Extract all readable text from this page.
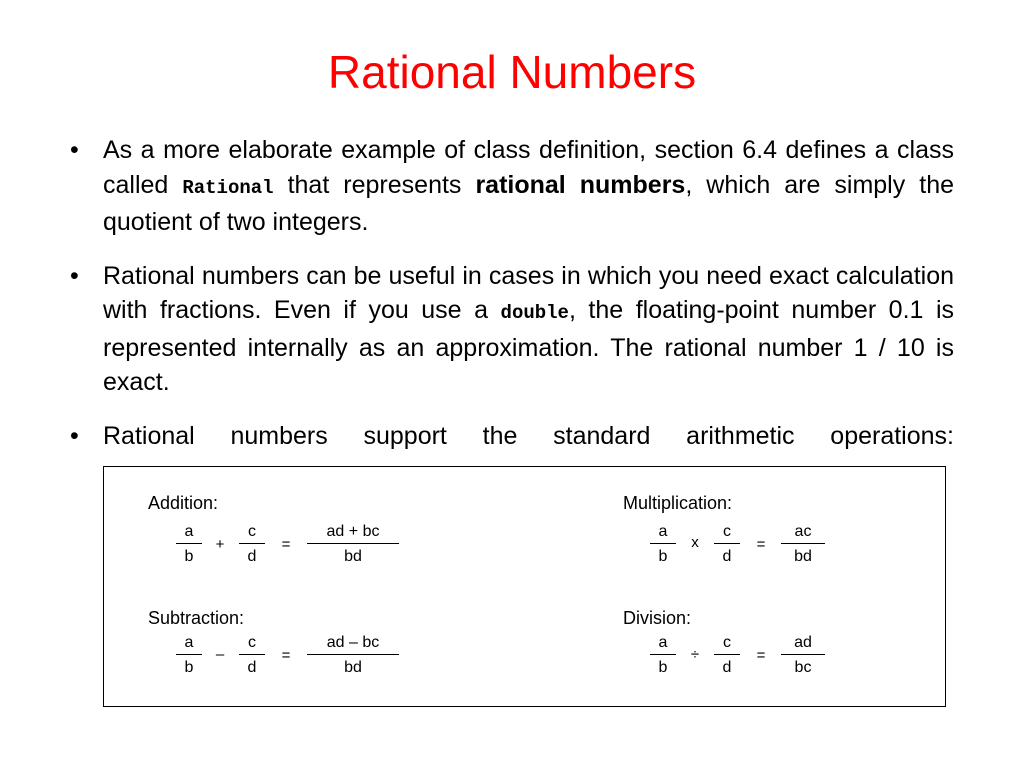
Rational Numbers
• As a more elaborate example of class definition, section 6.4 defines a class called Rational that represents rational numbers, which are simply the quotient of two integers.
• Rational numbers can be useful in cases in which you need exact calculation with fractions. Even if you use a double, the floating-point number 0.1 is represented internally as an approximation. The rational number 1 / 10 is exact.
• Rational numbers support the standard arithmetic operations:
Addition:
a
b
+
c
d
=
ad + bc
bd
Multiplication:
a
b
x
c
d
=
ac
bd
Subtraction:
a
b
–
c
d
=
ad – bc
bd
Division:
a
b
÷
c
d
=
ad
bc
